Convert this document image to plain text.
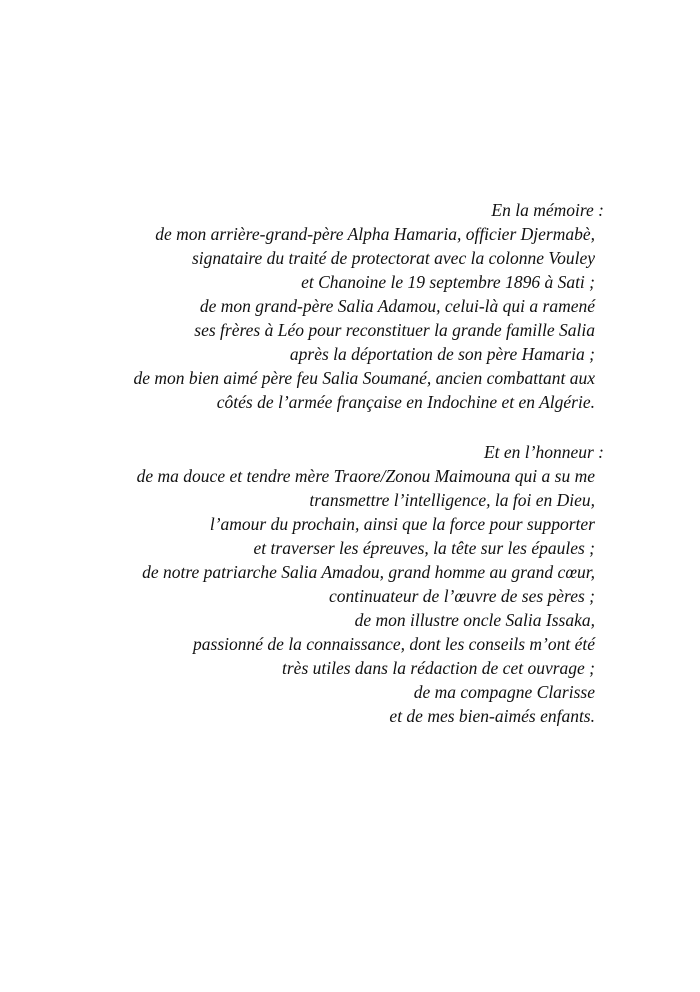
En la mémoire :
de mon arrière-grand-père Alpha Hamaria, officier Djermabè,
signataire du traité de protectorat avec la colonne Vouley
et Chanoine le 19 septembre 1896 à Sati ;
de mon grand-père Salia Adamou, celui-là qui a ramené
ses frères à Léo pour reconstituer la grande famille Salia
après la déportation de son père Hamaria ;
de mon bien aimé père feu Salia Soumané, ancien combattant aux
côtés de l’armée française en Indochine et en Algérie.
Et en l’honneur :
de ma douce et tendre mère Traore/Zonou Maimouna qui a su me
transmettre l’intelligence, la foi en Dieu,
l’amour du prochain, ainsi que la force pour supporter
et traverser les épreuves, la tête sur les épaules ;
de notre patriarche Salia Amadou, grand homme au grand cœur,
continuateur de l’œuvre de ses pères ;
de mon illustre oncle Salia Issaka,
passionné de la connaissance, dont les conseils m’ont été
très utiles dans la rédaction de cet ouvrage ;
de ma compagne Clarisse
et de mes bien-aimés enfants.
